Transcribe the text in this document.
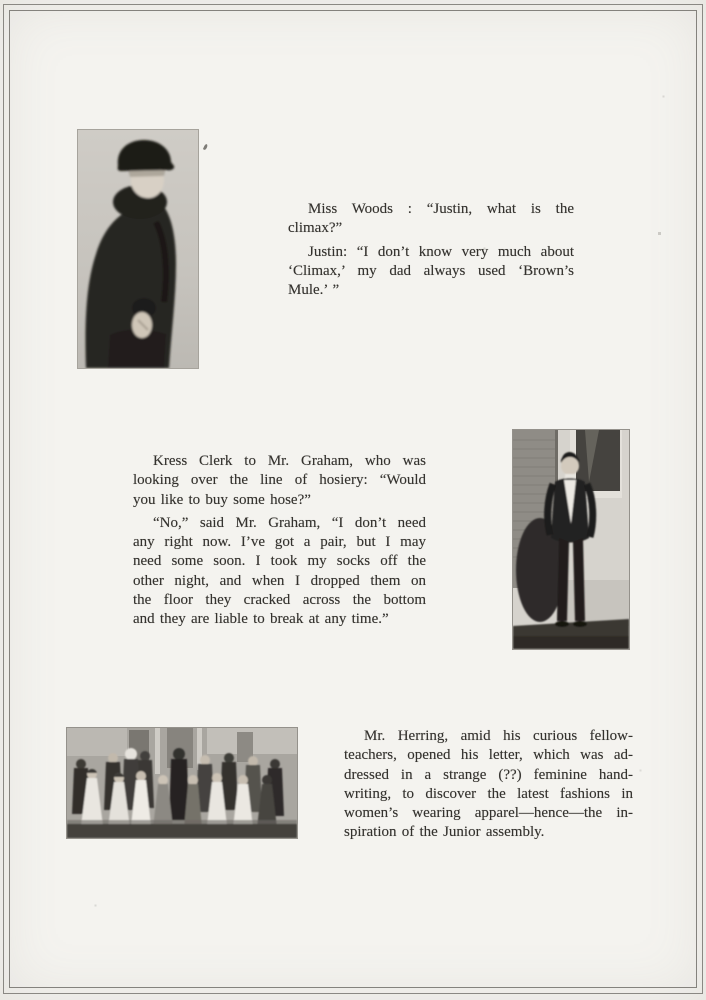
Miss Woods : “Justin, what is the
climax?”
Justin: “I don’t know very much about
‘Climax,’ my dad always used ‘Brown’s
Mule.’ ”
Kress Clerk to Mr. Graham, who was
looking over the line of hosiery: “Would
you like to buy some hose?”
“No,” said Mr. Graham, “I don’t need
any right now. I’ve got a pair, but I may
need some soon. I took my socks off the
other night, and when I dropped them on
the floor they cracked across the bottom
and they are liable to break at any time.”
Mr. Herring, amid his curious fellow-
teachers, opened his letter, which was ad-
dressed in a strange (??) feminine hand-
writing, to discover the latest fashions in
women’s wearing apparel—hence—the in-
spiration of the Junior assembly.
